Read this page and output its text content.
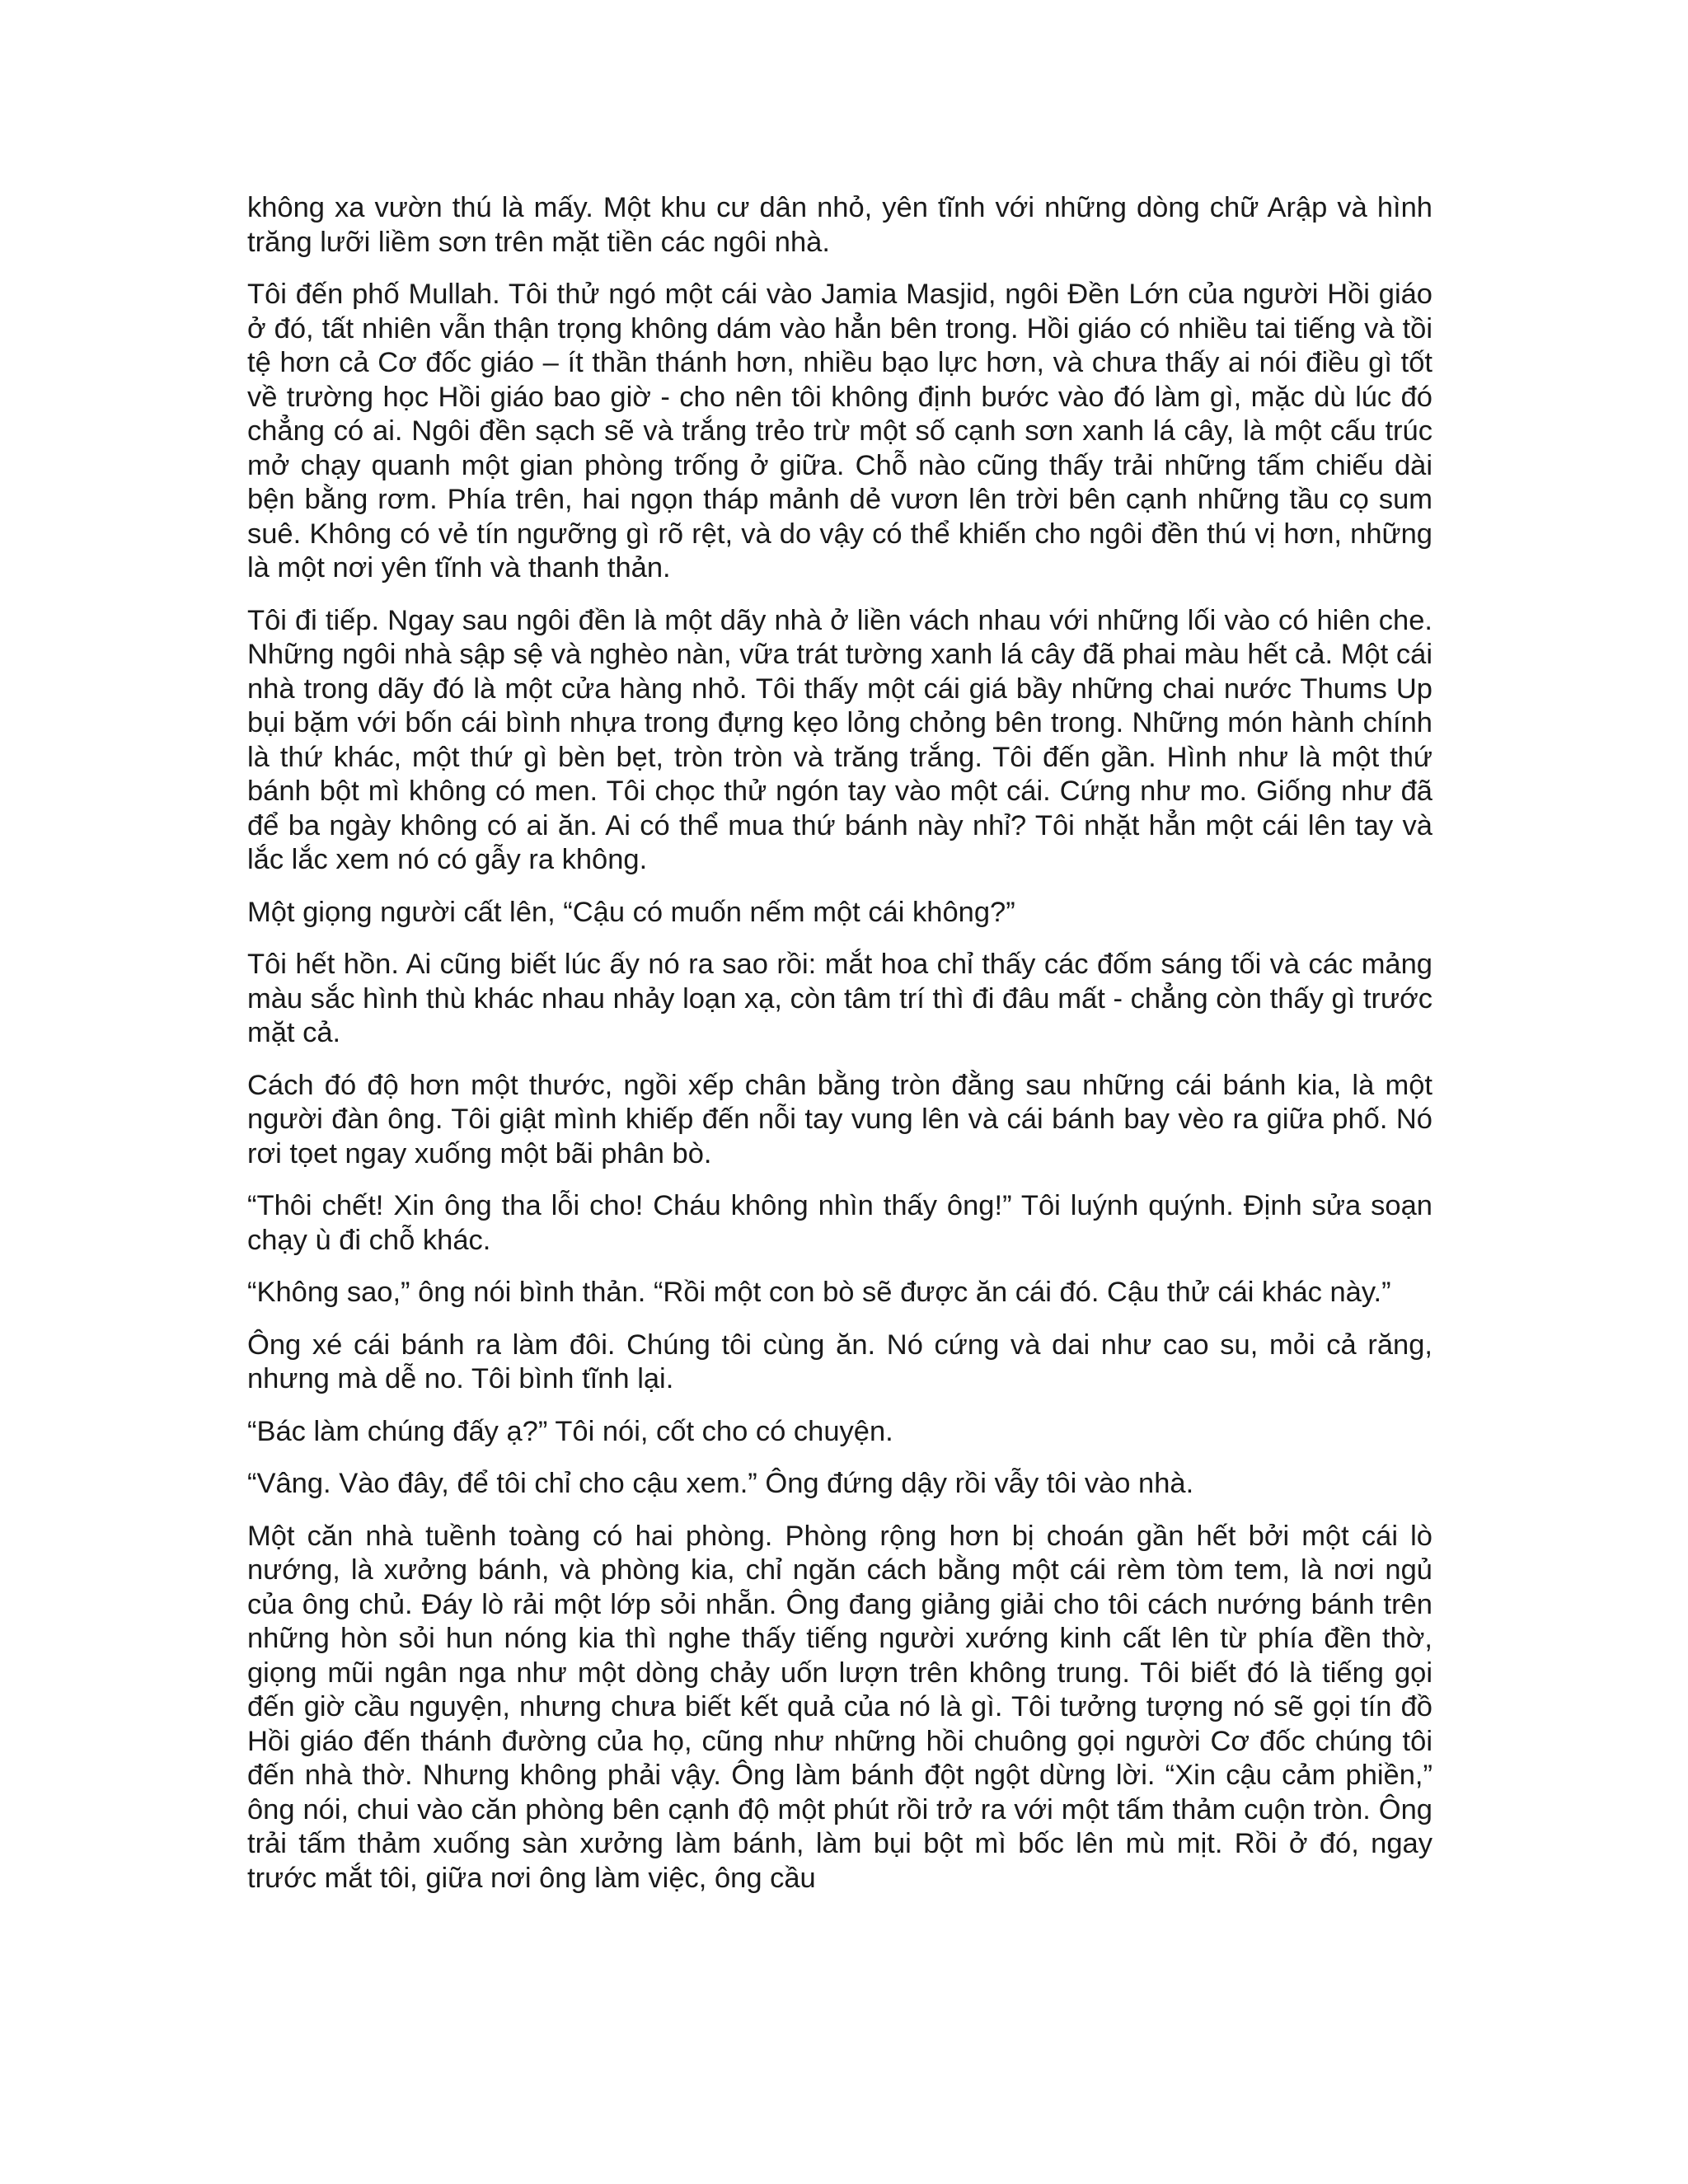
không xa vườn thú là mấy. Một khu cư dân nhỏ, yên tĩnh với những dòng chữ Arập và hình trăng lưỡi liềm sơn trên mặt tiền các ngôi nhà.

Tôi đến phố Mullah. Tôi thử ngó một cái vào Jamia Masjid, ngôi Đền Lớn của người Hồi giáo ở đó, tất nhiên vẫn thận trọng không dám vào hẳn bên trong. Hồi giáo có nhiều tai tiếng và tồi tệ hơn cả Cơ đốc giáo – ít thần thánh hơn, nhiều bạo lực hơn, và chưa thấy ai nói điều gì tốt về trường học Hồi giáo bao giờ - cho nên tôi không định bước vào đó làm gì, mặc dù lúc đó chẳng có ai. Ngôi đền sạch sẽ và trắng trẻo trừ một số cạnh sơn xanh lá cây, là một cấu trúc mở chạy quanh một gian phòng trống ở giữa. Chỗ nào cũng thấy trải những tấm chiếu dài bện bằng rơm. Phía trên, hai ngọn tháp mảnh dẻ vươn lên trời bên cạnh những tầu cọ sum suê. Không có vẻ tín ngưỡng gì rõ rệt, và do vậy có thể khiến cho ngôi đền thú vị hơn, những là một nơi yên tĩnh và thanh thản.

Tôi đi tiếp. Ngay sau ngôi đền là một dãy nhà ở liền vách nhau với những lối vào có hiên che. Những ngôi nhà sập sệ và nghèo nàn, vữa trát tường xanh lá cây đã phai màu hết cả. Một cái nhà trong dãy đó là một cửa hàng nhỏ. Tôi thấy một cái giá bầy những chai nước Thums Up bụi bặm với bốn cái bình nhựa trong đựng kẹo lỏng chỏng bên trong. Những món hành chính là thứ khác, một thứ gì bèn bẹt, tròn tròn và trăng trắng. Tôi đến gần. Hình như là một thứ bánh bột mì không có men. Tôi chọc thử ngón tay vào một cái. Cứng như mo. Giống như đã để ba ngày không có ai ăn. Ai có thể mua thứ bánh này nhỉ? Tôi nhặt hẳn một cái lên tay và lắc lắc xem nó có gẫy ra không.

Một giọng người cất lên, “Cậu có muốn nếm một cái không?”

Tôi hết hồn. Ai cũng biết lúc ấy nó ra sao rồi: mắt hoa chỉ thấy các đốm sáng tối và các mảng màu sắc hình thù khác nhau nhảy loạn xạ, còn tâm trí thì đi đâu mất - chẳng còn thấy gì trước mặt cả.

Cách đó độ hơn một thước, ngồi xếp chân bằng tròn đằng sau những cái bánh kia, là một người đàn ông. Tôi giật mình khiếp đến nỗi tay vung lên và cái bánh bay vèo ra giữa phố. Nó rơi tọet ngay xuống một bãi phân bò.

“Thôi chết! Xin ông tha lỗi cho! Cháu không nhìn thấy ông!” Tôi luýnh quýnh. Định sửa soạn chạy ù đi chỗ khác.

“Không sao,” ông nói bình thản. “Rồi một con bò sẽ được ăn cái đó. Cậu thử cái khác này.”

Ông xé cái bánh ra làm đôi. Chúng tôi cùng ăn. Nó cứng và dai như cao su, mỏi cả răng, nhưng mà dễ no. Tôi bình tĩnh lại.

“Bác làm chúng đấy ạ?” Tôi nói, cốt cho có chuyện.

“Vâng. Vào đây, để tôi chỉ cho cậu xem.” Ông đứng dậy rồi vẫy tôi vào nhà.

Một căn nhà tuềnh toàng có hai phòng. Phòng rộng hơn bị choán gần hết bởi một cái lò nướng, là xưởng bánh, và phòng kia, chỉ ngăn cách bằng một cái rèm tòm tem, là nơi ngủ của ông chủ. Đáy lò rải một lớp sỏi nhẵn. Ông đang giảng giải cho tôi cách nướng bánh trên những hòn sỏi hun nóng kia thì nghe thấy tiếng người xướng kinh cất lên từ phía đền thờ, giọng mũi ngân nga như một dòng chảy uốn lượn trên không trung. Tôi biết đó là tiếng gọi đến giờ cầu nguyện, nhưng chưa biết kết quả của nó là gì. Tôi tưởng tượng nó sẽ gọi tín đồ Hồi giáo đến thánh đường của họ, cũng như những hồi chuông gọi người Cơ đốc chúng tôi đến nhà thờ. Nhưng không phải vậy. Ông làm bánh đột ngột dừng lời. “Xin cậu cảm phiền,” ông nói, chui vào căn phòng bên cạnh độ một phút rồi trở ra với một tấm thảm cuộn tròn. Ông trải tấm thảm xuống sàn xưởng làm bánh, làm bụi bột mì bốc lên mù mịt. Rồi ở đó, ngay trước mắt tôi, giữa nơi ông làm việc, ông cầu
